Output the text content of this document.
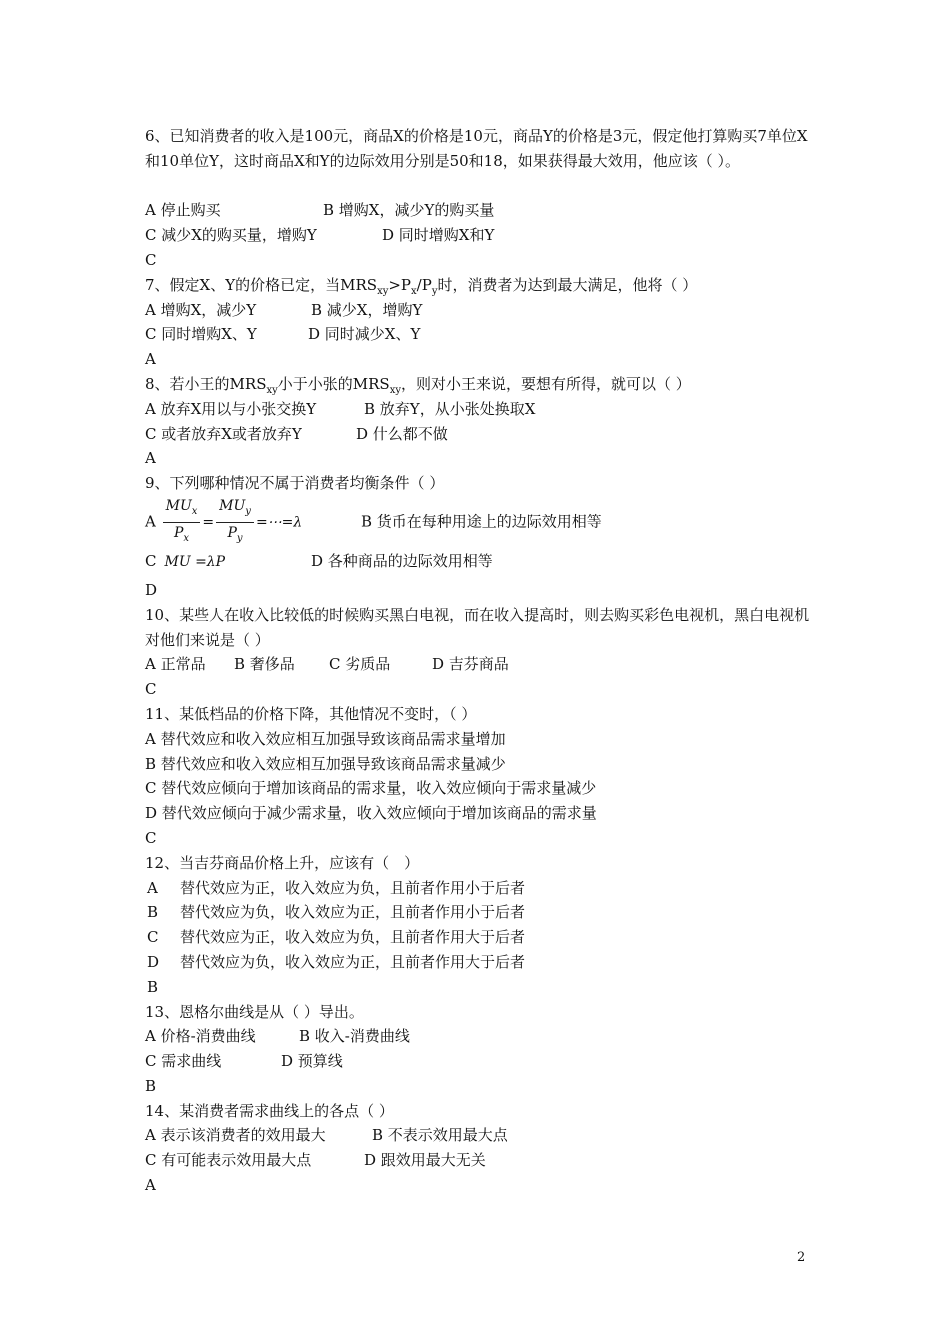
6、已知消费者的收入是100元，商品X的价格是10元，商品Y的价格是3元，假定他打算购买7单位X和10单位Y，这时商品X和Y的边际效用分别是50和18，如果获得最大效用，他应该（ ）。
A 停止购买	B 增购X，减少Y的购买量
C 减少X的购买量，增购Y	D 同时增购X和Y
C
7、假定X、Y的价格已定，当$MRS_{xy}>P_x/P_y$时，消费者为达到最大满足，他将（ ）
A 增购X，减少Y	B 减少X，增购Y
C 同时增购X、Y	D 同时减少X、Y
A
8、若小王的$MRS_{xy}$小于小张的$MRS_{xy}$，则对小王来说，要想有所得，就可以（ ）
A 放弃X用以与小张交换Y	B 放弃Y，从小张处换取X
C 或者放弃X或者放弃Y	D 什么都不做
A
9、下列哪种情况不属于消费者均衡条件（ ）
A $\frac{MU_x}{P_x} = \frac{MU_y}{P_y}$ =⋯=λ	B 货币在每种用途上的边际效用相等
C MU =λP	D 各种商品的边际效用相等
D
10、某些人在收入比较低的时候购买黑白电视，而在收入提高时，则去购买彩色电视机，黑白电视机对他们来说是（ ）
A 正常品 B 奢侈品 C 劣质品	D 吉芬商品
C
11、某低档品的价格下降，其他情况不变时，（ ）
A 替代效应和收入效应相互加强导致该商品需求量增加
B 替代效应和收入效应相互加强导致该商品需求量减少
C 替代效应倾向于增加该商品的需求量，收入效应倾向于需求量减少
D 替代效应倾向于减少需求量，收入效应倾向于增加该商品的需求量
C
12、当吉芬商品价格上升，应该有（　）
A 替代效应为正，收入效应为负，且前者作用小于后者
B 替代效应为负，收入效应为正，且前者作用小于后者
C 替代效应为正，收入效应为负，且前者作用大于后者
D 替代效应为负，收入效应为正，且前者作用大于后者
B
13、恩格尔曲线是从（ ）导出。
A 价格-消费曲线	B 收入-消费曲线
C 需求曲线	D 预算线
B
14、某消费者需求曲线上的各点（ ）
A 表示该消费者的效用最大	B 不表示效用最大点
C 有可能表示效用最大点	D 跟效用最大无关
A
2
